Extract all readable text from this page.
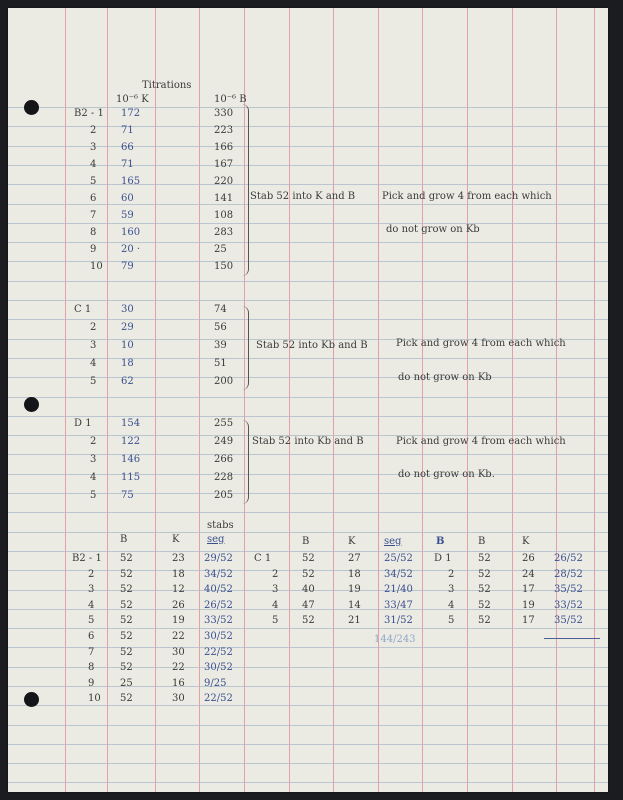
Titrations
10⁻⁶ K	10⁻⁶ B
B2 - 1 172	330
2 71	223
3 66	166
4 71	167
5 165	220
6 60	141
7 59	108
8 160	283
9 20 ·	25
10 79	150
Stab 52 into K and B	Pick and grow 4 from each which
do not grow on Kb
C 1	30	74
2 29	56
3 10	39
4 18	51
5 62	200
Stab 52 into Kb and B	Pick and grow 4 from each which
do not grow on Kb
D 1	154	255
2 122	249
3 146	266
4 115	228
5 75	205
Stab 52 into Kb and B	Pick and grow 4 from each which
do not grow on Kb.
stabs
B	K	seg
B2 - 1 52	23 29/52
2	52	18 34/52
3	52	12 40/52
4	52	26 26/52
5	52	19 33/52
6	52	22 30/52
7	52	30 22/52
8	52	22 30/52
9	25	16 9/25
10 52	30 22/52
B	K	seg
C 1	52	27 25/52
2 52	18 34/52
3 40	19 21/40
4 47	14 33/47
5 52	21 31/52
144/243
B	B	K
D 1	52	26 26/52
2 52	24 28/52
3 52	17 35/52
4 52	19 33/52
5 52	17 35/52
